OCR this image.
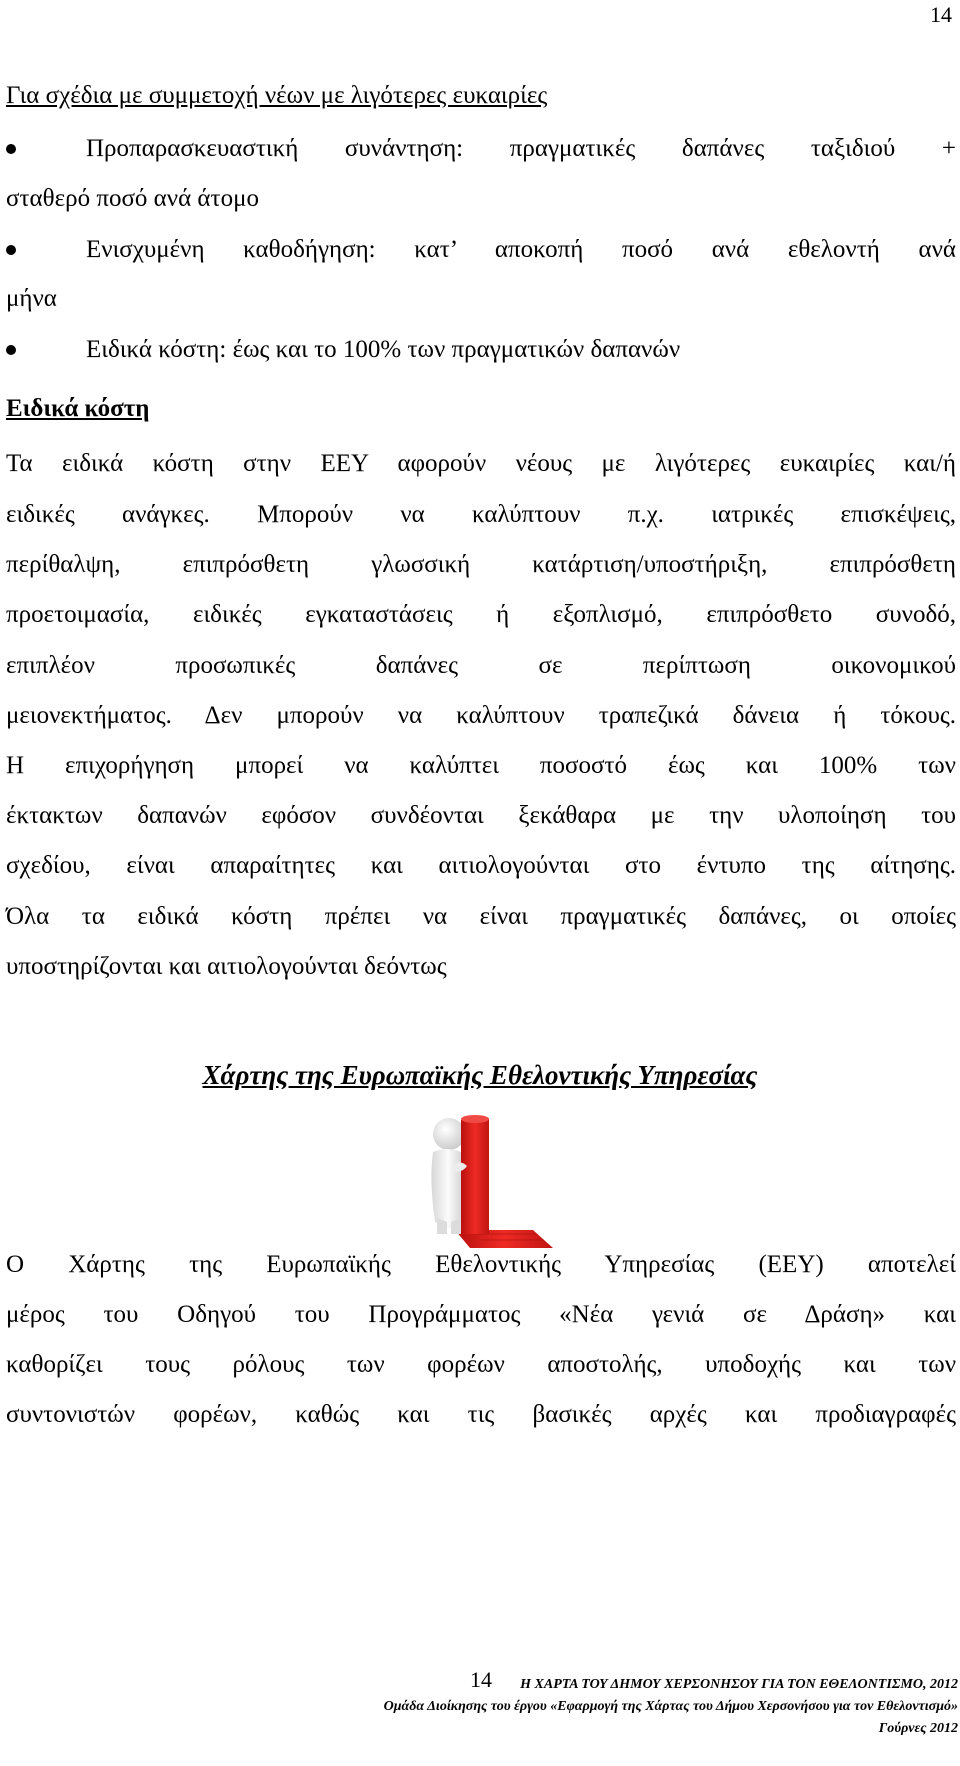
14
Για σχέδια με συμμετοχή νέων με λιγότερες ευκαιρίες
Προπαρασκευαστική συνάντηση: πραγματικές δαπάνες ταξιδιού +
σταθερό ποσό ανά άτομο
Ενισχυμένη καθοδήγηση: κατ’ αποκοπή ποσό ανά εθελοντή ανά
μήνα
Ειδικά κόστη: έως και το 100% των πραγματικών δαπανών
Ειδικά κόστη
Τα ειδικά κόστη στην ΕΕΥ αφορούν νέους με λιγότερες ευκαιρίες και/ή
ειδικές ανάγκες. Μπορούν να καλύπτουν π.χ. ιατρικές επισκέψεις,
περίθαλψη, επιπρόσθετη γλωσσική κατάρτιση/υποστήριξη, επιπρόσθετη
προετοιμασία, ειδικές εγκαταστάσεις ή εξοπλισμό, επιπρόσθετο συνοδό,
επιπλέον προσωπικές δαπάνες σε περίπτωση οικονομικού
μειονεκτήματος. Δεν μπορούν να καλύπτουν τραπεζικά δάνεια ή τόκους.
Η επιχορήγηση μπορεί να καλύπτει ποσοστό έως και 100% των
έκτακτων δαπανών εφόσον συνδέονται ξεκάθαρα με την υλοποίηση του
σχεδίου, είναι απαραίτητες και αιτιολογούνται στο έντυπο της αίτησης.
Όλα τα ειδικά κόστη πρέπει να είναι πραγματικές δαπάνες, οι οποίες
υποστηρίζονται και αιτιολογούνται δεόντως
Χάρτης της Ευρωπαϊκής Εθελοντικής Υπηρεσίας
Ο Χάρτης της Ευρωπαϊκής Εθελοντικής Υπηρεσίας (ΕΕΥ) αποτελεί
μέρος του Οδηγού του Προγράμματος «Νέα γενιά σε Δράση» και
καθορίζει τους ρόλους των φορέων αποστολής, υποδοχής και των
συντονιστών φορέων, καθώς και τις βασικές αρχές και προδιαγραφές
Η ΧΑΡΤΑ ΤΟΥ ΔΗΜΟΥ ΧΕΡΣΟΝΗΣΟΥ ΓΙΑ ΤΟΝ ΕΘΕΛΟΝΤΙΣΜΟ, 2012
14
Ομάδα Διοίκησης του έργου «Εφαρμογή της Χάρτας του Δήμου Χερσονήσου για τον Εθελοντισμό»
Γούρνες 2012
